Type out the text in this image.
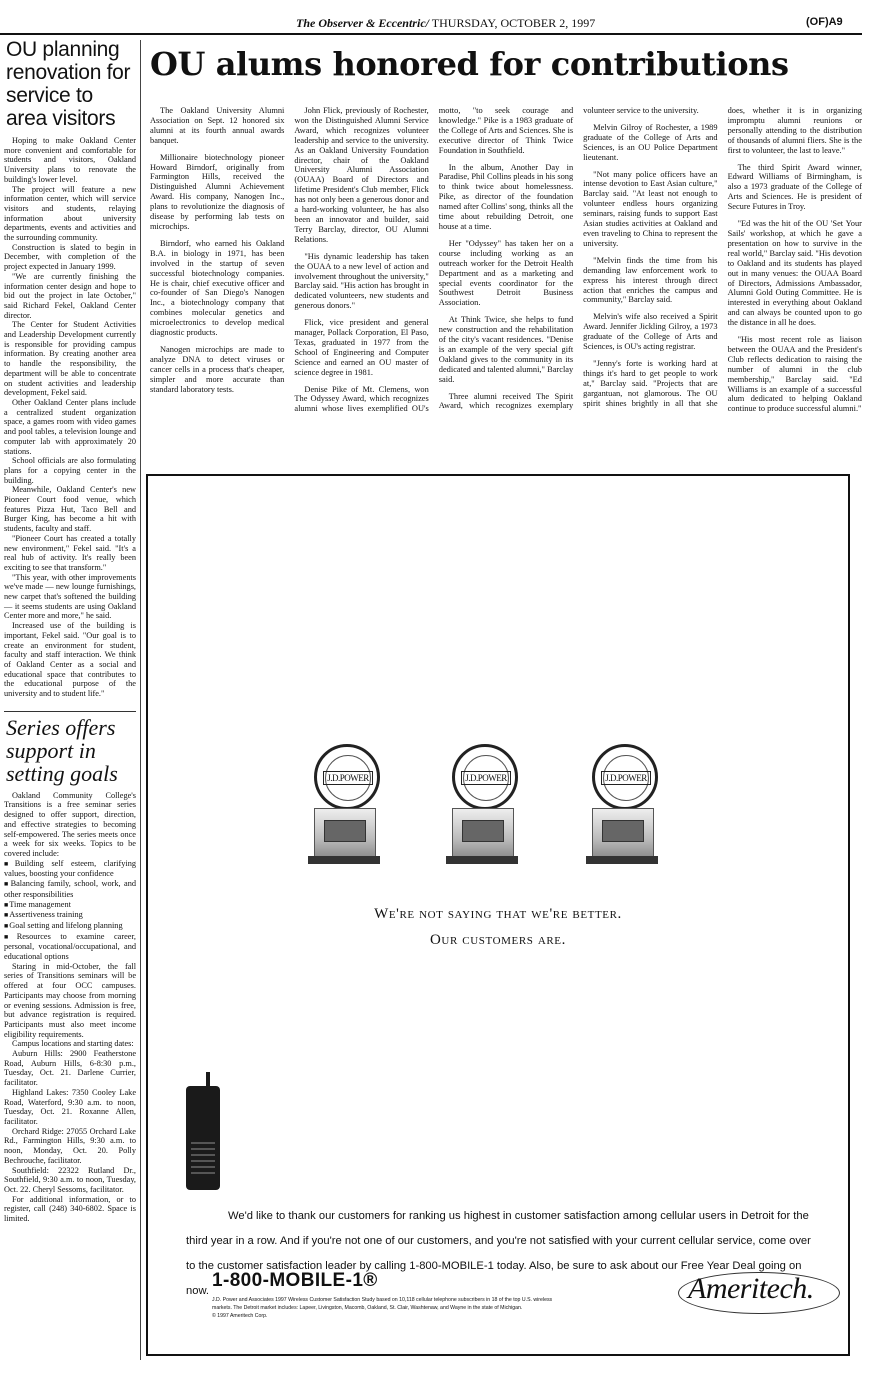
The Observer & Eccentric/ THURSDAY, OCTOBER 2, 1997	(OF)A9
OU planning renovation for service to area visitors

Hoping to make Oakland Center more convenient and comfortable for students and visitors, Oakland University plans to renovate the building's lower level.

The project will feature a new information center, which will service visitors and students, relaying information about university departments, events and activities and the surrounding community.

Construction is slated to begin in December, with completion of the project expected in January 1999.

"We are currently finishing the information center design and hope to bid out the project in late October," said Richard Fekel, Oakland Center director.

The Center for Student Activities and Leadership Development currently is responsible for providing campus information. By creating another area to handle the responsibility, the department will be able to concentrate on student activities and leadership development, Fekel said.

Other Oakland Center plans include a centralized student organization space, a games room with video games and pool tables, a television lounge and computer lab with approximately 20 stations.

School officials are also formulating plans for a copying center in the building.

Meanwhile, Oakland Center's new Pioneer Court food venue, which features Pizza Hut, Taco Bell and Burger King, has become a hit with students, faculty and staff.

"Pioneer Court has created a totally new environment," Fekel said. "It's a real hub of activity. It's really been exciting to see that transform."

"This year, with other improvements we've made — new lounge furnishings, new carpet that's softened the building — it seems students are using Oakland Center more and more," he said.

Increased use of the building is important, Fekel said. "Our goal is to create an environment for student, faculty and staff interaction. We think of Oakland Center as a social and educational space that contributes to the educational purpose of the university and to student life."

Series offers support in setting goals

Oakland Community College's Transitions is a free seminar series designed to offer support, direction, and effective strategies to becoming self-empowered. The series meets once a week for six weeks. Topics to be covered include:

■Building self esteem, clarifying values, boosting your confidence

■Balancing family, school, work, and other responsibilities

■Time management

■Assertiveness training

■Goal setting and lifelong planning

■Resources to examine career, personal, vocational/occupational, and educational options

Staring in mid-October, the fall series of Transitions seminars will be offered at four OCC campuses. Participants may choose from morning or evening sessions. Admission is free, but advance registration is required. Participants must also meet income eligibility requirements.

Campus locations and starting dates:

Auburn Hills: 2900 Featherstone Road, Auburn Hills, 6-8:30 p.m., Tuesday, Oct. 21. Darlene Currier, facilitator.

Highland Lakes: 7350 Cooley Lake Road, Waterford, 9:30 a.m. to noon, Tuesday, Oct. 21. Roxanne Allen, facilitator.

Orchard Ridge: 27055 Orchard Lake Rd., Farmington Hills, 9:30 a.m. to noon, Monday, Oct. 20. Polly Bechrouche, facilitator.

Southfield: 22322 Rutland Dr., Southfield, 9:30 a.m. to noon, Tuesday, Oct. 22. Cheryl Sessoms, facilitator.

For additional information, or to register, call (248) 340-6802. Space is limited.

OU alums honored for contributions

The Oakland University Alumni Association on Sept. 12 honored six alumni at its fourth annual awards banquet.

Millionaire biotechnology pioneer Howard Birndorf, originally from Farmington Hills, received the Distinguished Alumni Achievement Award. His company, Nanogen Inc., plans to revolutionize the diagnosis of disease by performing lab tests on microchips.

Birndorf, who earned his Oakland B.A. in biology in 1971, has been involved in the startup of seven successful biotechnology companies. He is chair, chief executive officer and co-founder of San Diego's Nanogen Inc., a biotechnology company that combines molecular genetics and microelectronics to develop medical diagnostic products.

Nanogen microchips are made to analyze DNA to detect viruses or cancer cells in a process that's cheaper, simpler and more accurate than standard laboratory tests.

John Flick, previously of Rochester, won the Distinguished Alumni Service Award, which recognizes volunteer leadership and service to the university. As an Oakland University Foundation director, chair of the Oakland University Alumni Association (OUAA) Board of Directors and lifetime President's Club member, Flick has not only been a generous donor and a hard-working volunteer, he has also been an innovator and builder, said Terry Barclay, director, OU Alumni Relations.

"His dynamic leadership has taken the OUAA to a new level of action and involvement throughout the university," Barclay said. "His action has brought in dedicated volunteers, new students and generous donors."

Flick, vice president and general manager, Pollack Corporation, El Paso, Texas, graduated in 1977 from the School of Engineering and Computer Science and earned an OU master of science degree in 1981.

Denise Pike of Mt. Clemens, won The Odyssey Award, which recognizes alumni whose lives exemplified OU's motto, "to seek courage and knowledge." Pike is a 1983 graduate of the College of Arts and Sciences. She is executive director of Think Twice Foundation in Southfield.

In the album, Another Day in Paradise, Phil Collins pleads in his song to think twice about homelessness. Pike, as director of the foundation named after Collins' song, thinks all the time about rebuilding Detroit, one house at a time.

Her "Odyssey" has taken her on a course including working as an outreach worker for the Detroit Health Department and as a marketing and special events coordinator for the Southwest Detroit Business Association.

At Think Twice, she helps to fund new construction and the rehabilitation of the city's vacant residences. "Denise is an example of the very special gift Oakland gives to the community in its dedicated and talented alumni," Barclay said.

Three alumni received The Spirit Award, which recognizes exemplary volunteer service to the university.

Melvin Gilroy of Rochester, a 1989 graduate of the College of Arts and Sciences, is an OU Police Department lieutenant.

"Not many police officers have an intense devotion to East Asian culture," Barclay said. "At least not enough to volunteer endless hours organizing seminars, raising funds to support East Asian studies activities at Oakland and even traveling to China to represent the university.

"Melvin finds the time from his demanding law enforcement work to express his interest through direct action that enriches the campus and community," Barclay said.

Melvin's wife also received a Spirit Award. Jennifer Jickling Gilroy, a 1973 graduate of the College of Arts and Sciences, is OU's acting registrar.

"Jenny's forte is working hard at things it's hard to get people to work at," Barclay said. "Projects that are gargantuan, not glamorous. The OU spirit shines brightly in all that she does, whether it is in organizing impromptu alumni reunions or personally attending to the distribution of thousands of alumni fliers. She is the first to volunteer, the last to leave."

The third Spirit Award winner, Edward Williams of Birmingham, is also a 1973 graduate of the College of Arts and Sciences. He is president of Secure Futures in Troy.

"Ed was the hit of the OU 'Set Your Sails' workshop, at which he gave a presentation on how to survive in the real world," Barclay said. "His devotion to Oakland and its students has played out in many venues: the OUAA Board of Directors, Admissions Ambassador, Alumni Gold Outing Committee. He is interested in everything about Oakland and can always be counted upon to go the distance in all he does.

"His most recent role as liaison between the OUAA and the President's Club reflects dedication to raising the number of alumni in the club membership," Barclay said. "Ed Williams is an example of a successful alum dedicated to helping Oakland continue to produce successful alumni."

J.D.POWER	J.D.POWER	J.D.POWER
We're not saying that we're better.
Our customers are.
We'd like to thank our customers for ranking us highest in customer satisfaction among cellular users in Detroit for the
third year in a row. And if you're not one of our customers, and you're not satisfied with your current cellular service, come over
to the customer satisfaction leader by calling 1-800-MOBILE-1 today. Also, be sure to ask about our Free Year Deal going on now. 1-800-MOBILE-1®
J.D. Power and Associates 1997 Wireless Customer Satisfaction Study based on 10,118 cellular telephone subscribers in 18 of the top U.S. wireless
markets. The Detroit market includes: Lapeer, Livingston, Macomb, Oakland, St. Clair, Washtenaw, and Wayne in the state of Michigan.
© 1997 Ameritech Corp.
Ameritech.
